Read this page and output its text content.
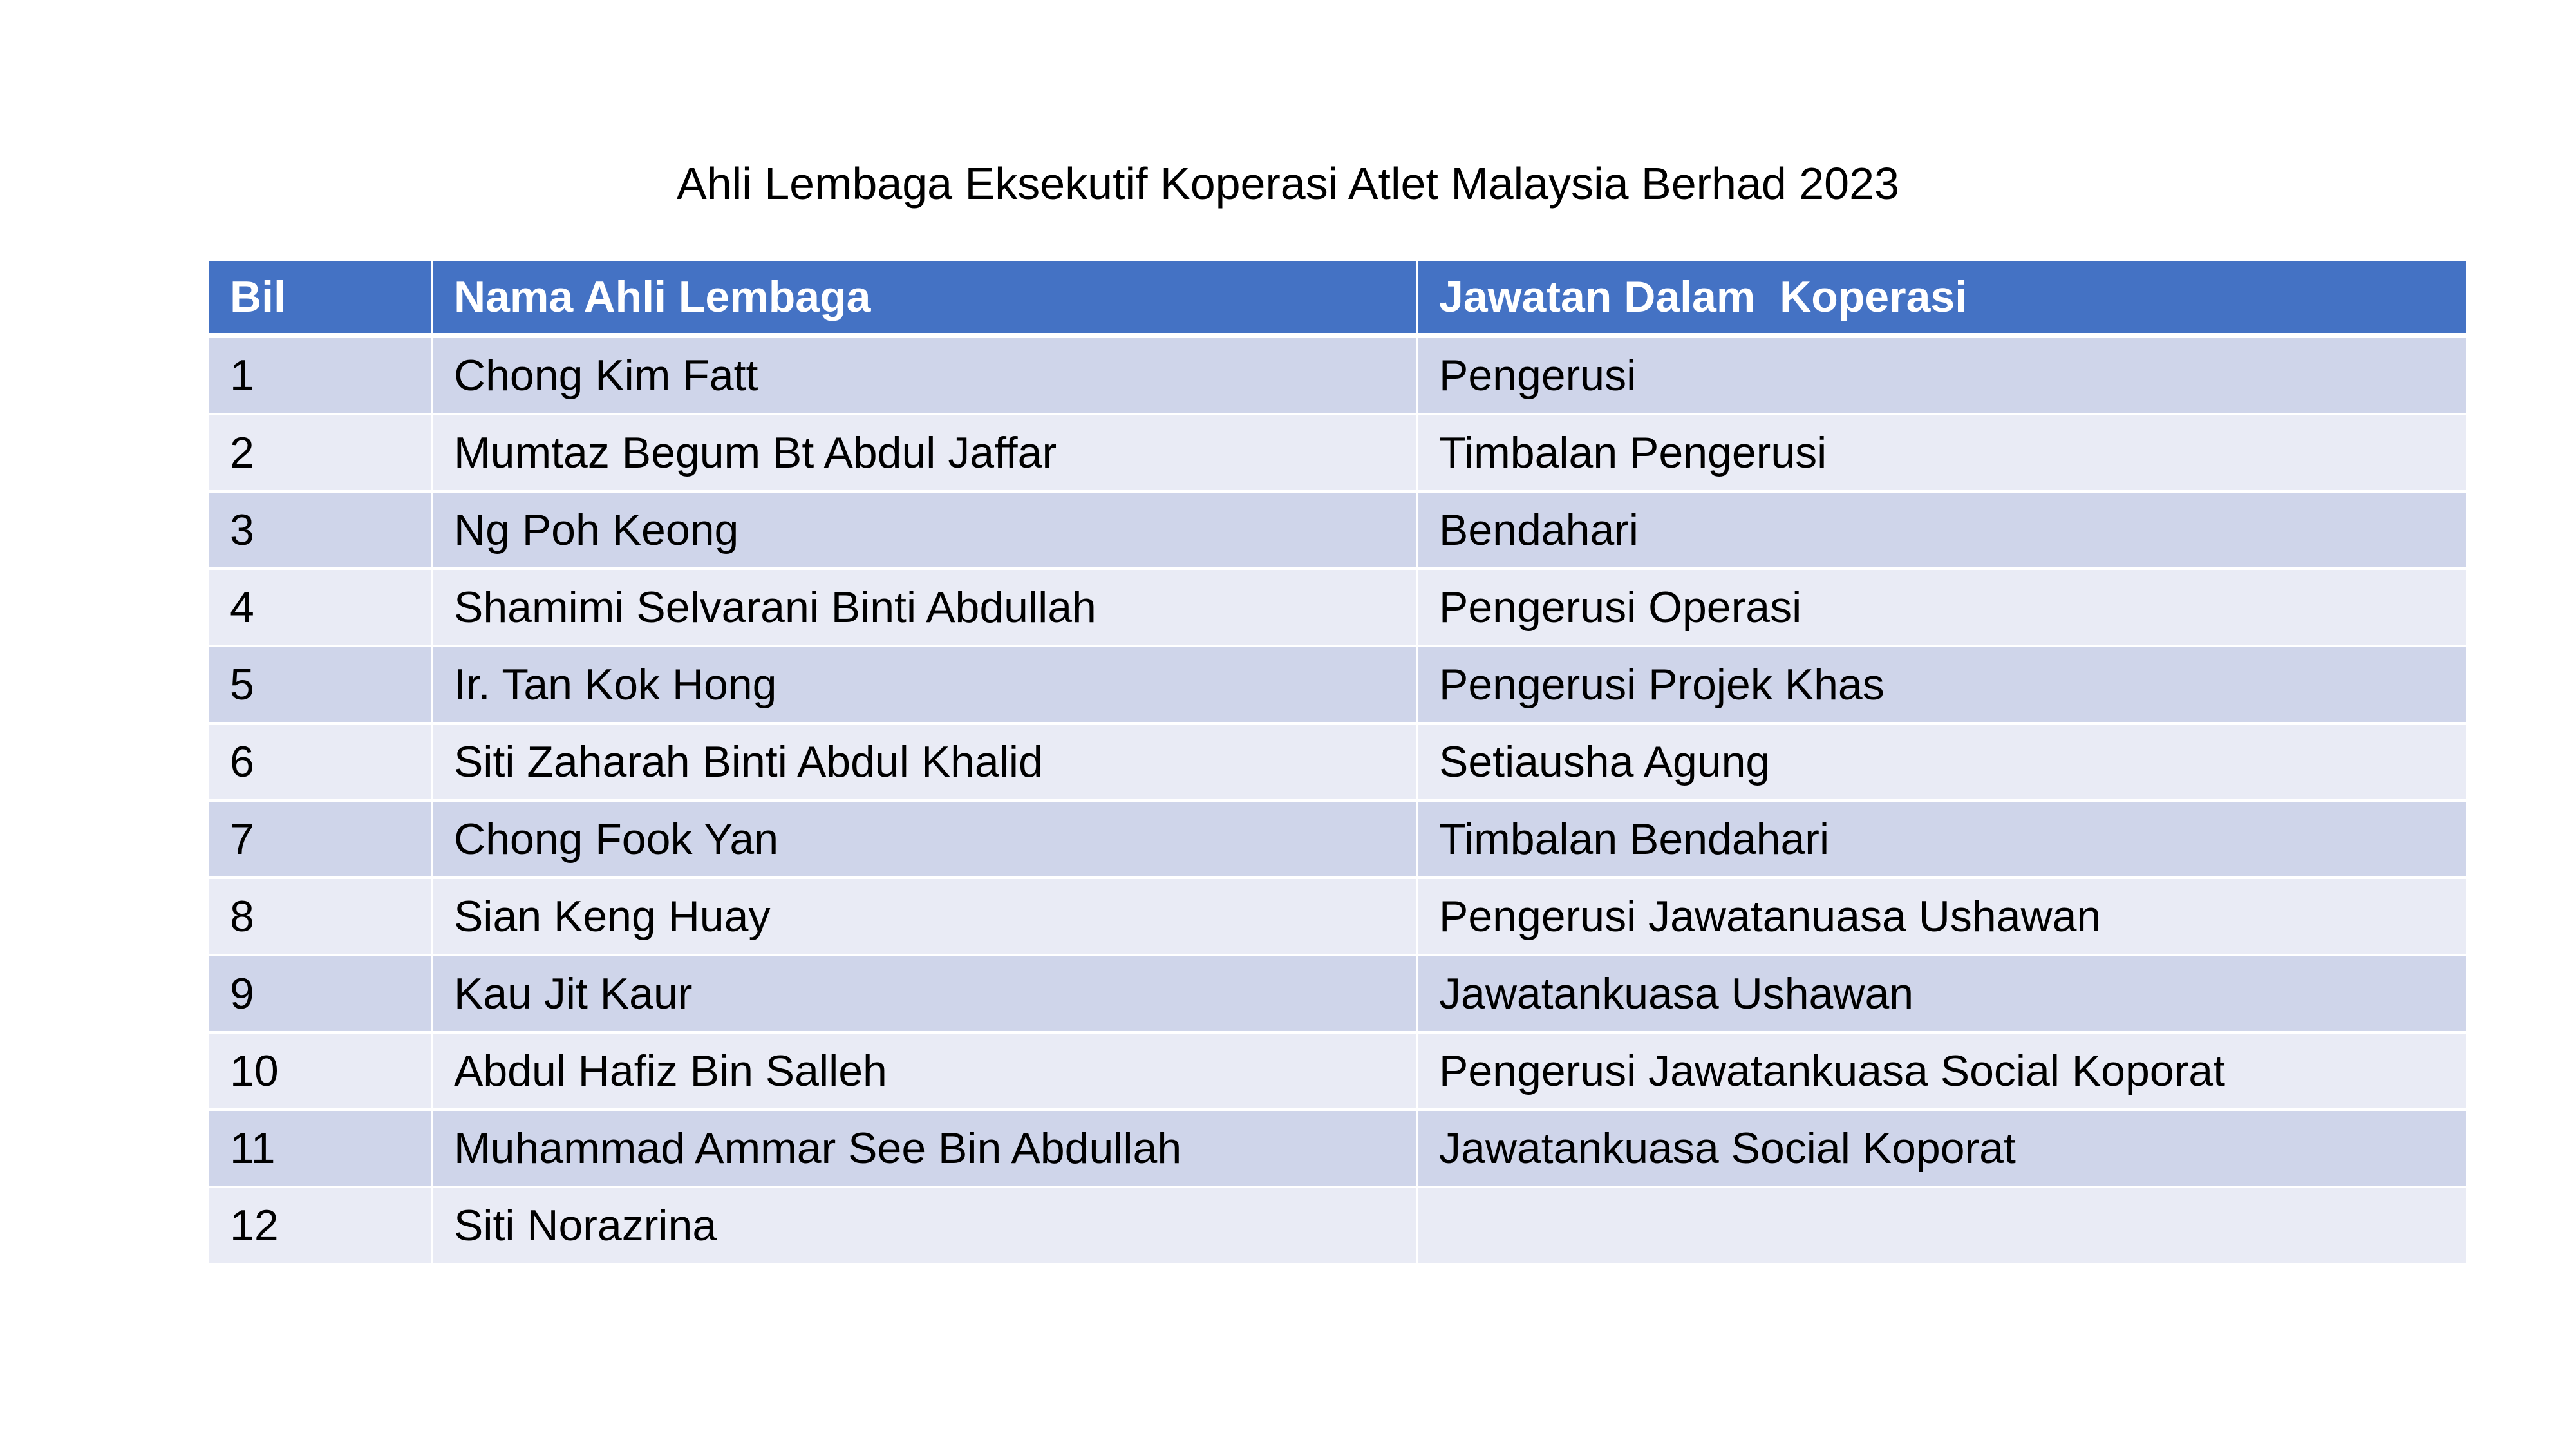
Ahli Lembaga Eksekutif Koperasi Atlet Malaysia Berhad 2023
Bil	Nama Ahli Lembaga	Jawatan Dalam  Koperasi
1	Chong Kim Fatt	Pengerusi
2	Mumtaz Begum Bt Abdul Jaffar	Timbalan Pengerusi
3	Ng Poh Keong	Bendahari
4	Shamimi Selvarani Binti Abdullah	Pengerusi Operasi
5	Ir. Tan Kok Hong	Pengerusi Projek Khas
6	Siti Zaharah Binti Abdul Khalid	Setiausha Agung
7	Chong Fook Yan	Timbalan Bendahari
8	Sian Keng Huay	Pengerusi Jawatanuasa Ushawan
9	Kau Jit Kaur	Jawatankuasa Ushawan
10	Abdul Hafiz Bin Salleh	Pengerusi Jawatankuasa Social Koporat
11	Muhammad Ammar See Bin Abdullah	Jawatankuasa Social Koporat
12	Siti Norazrina	
